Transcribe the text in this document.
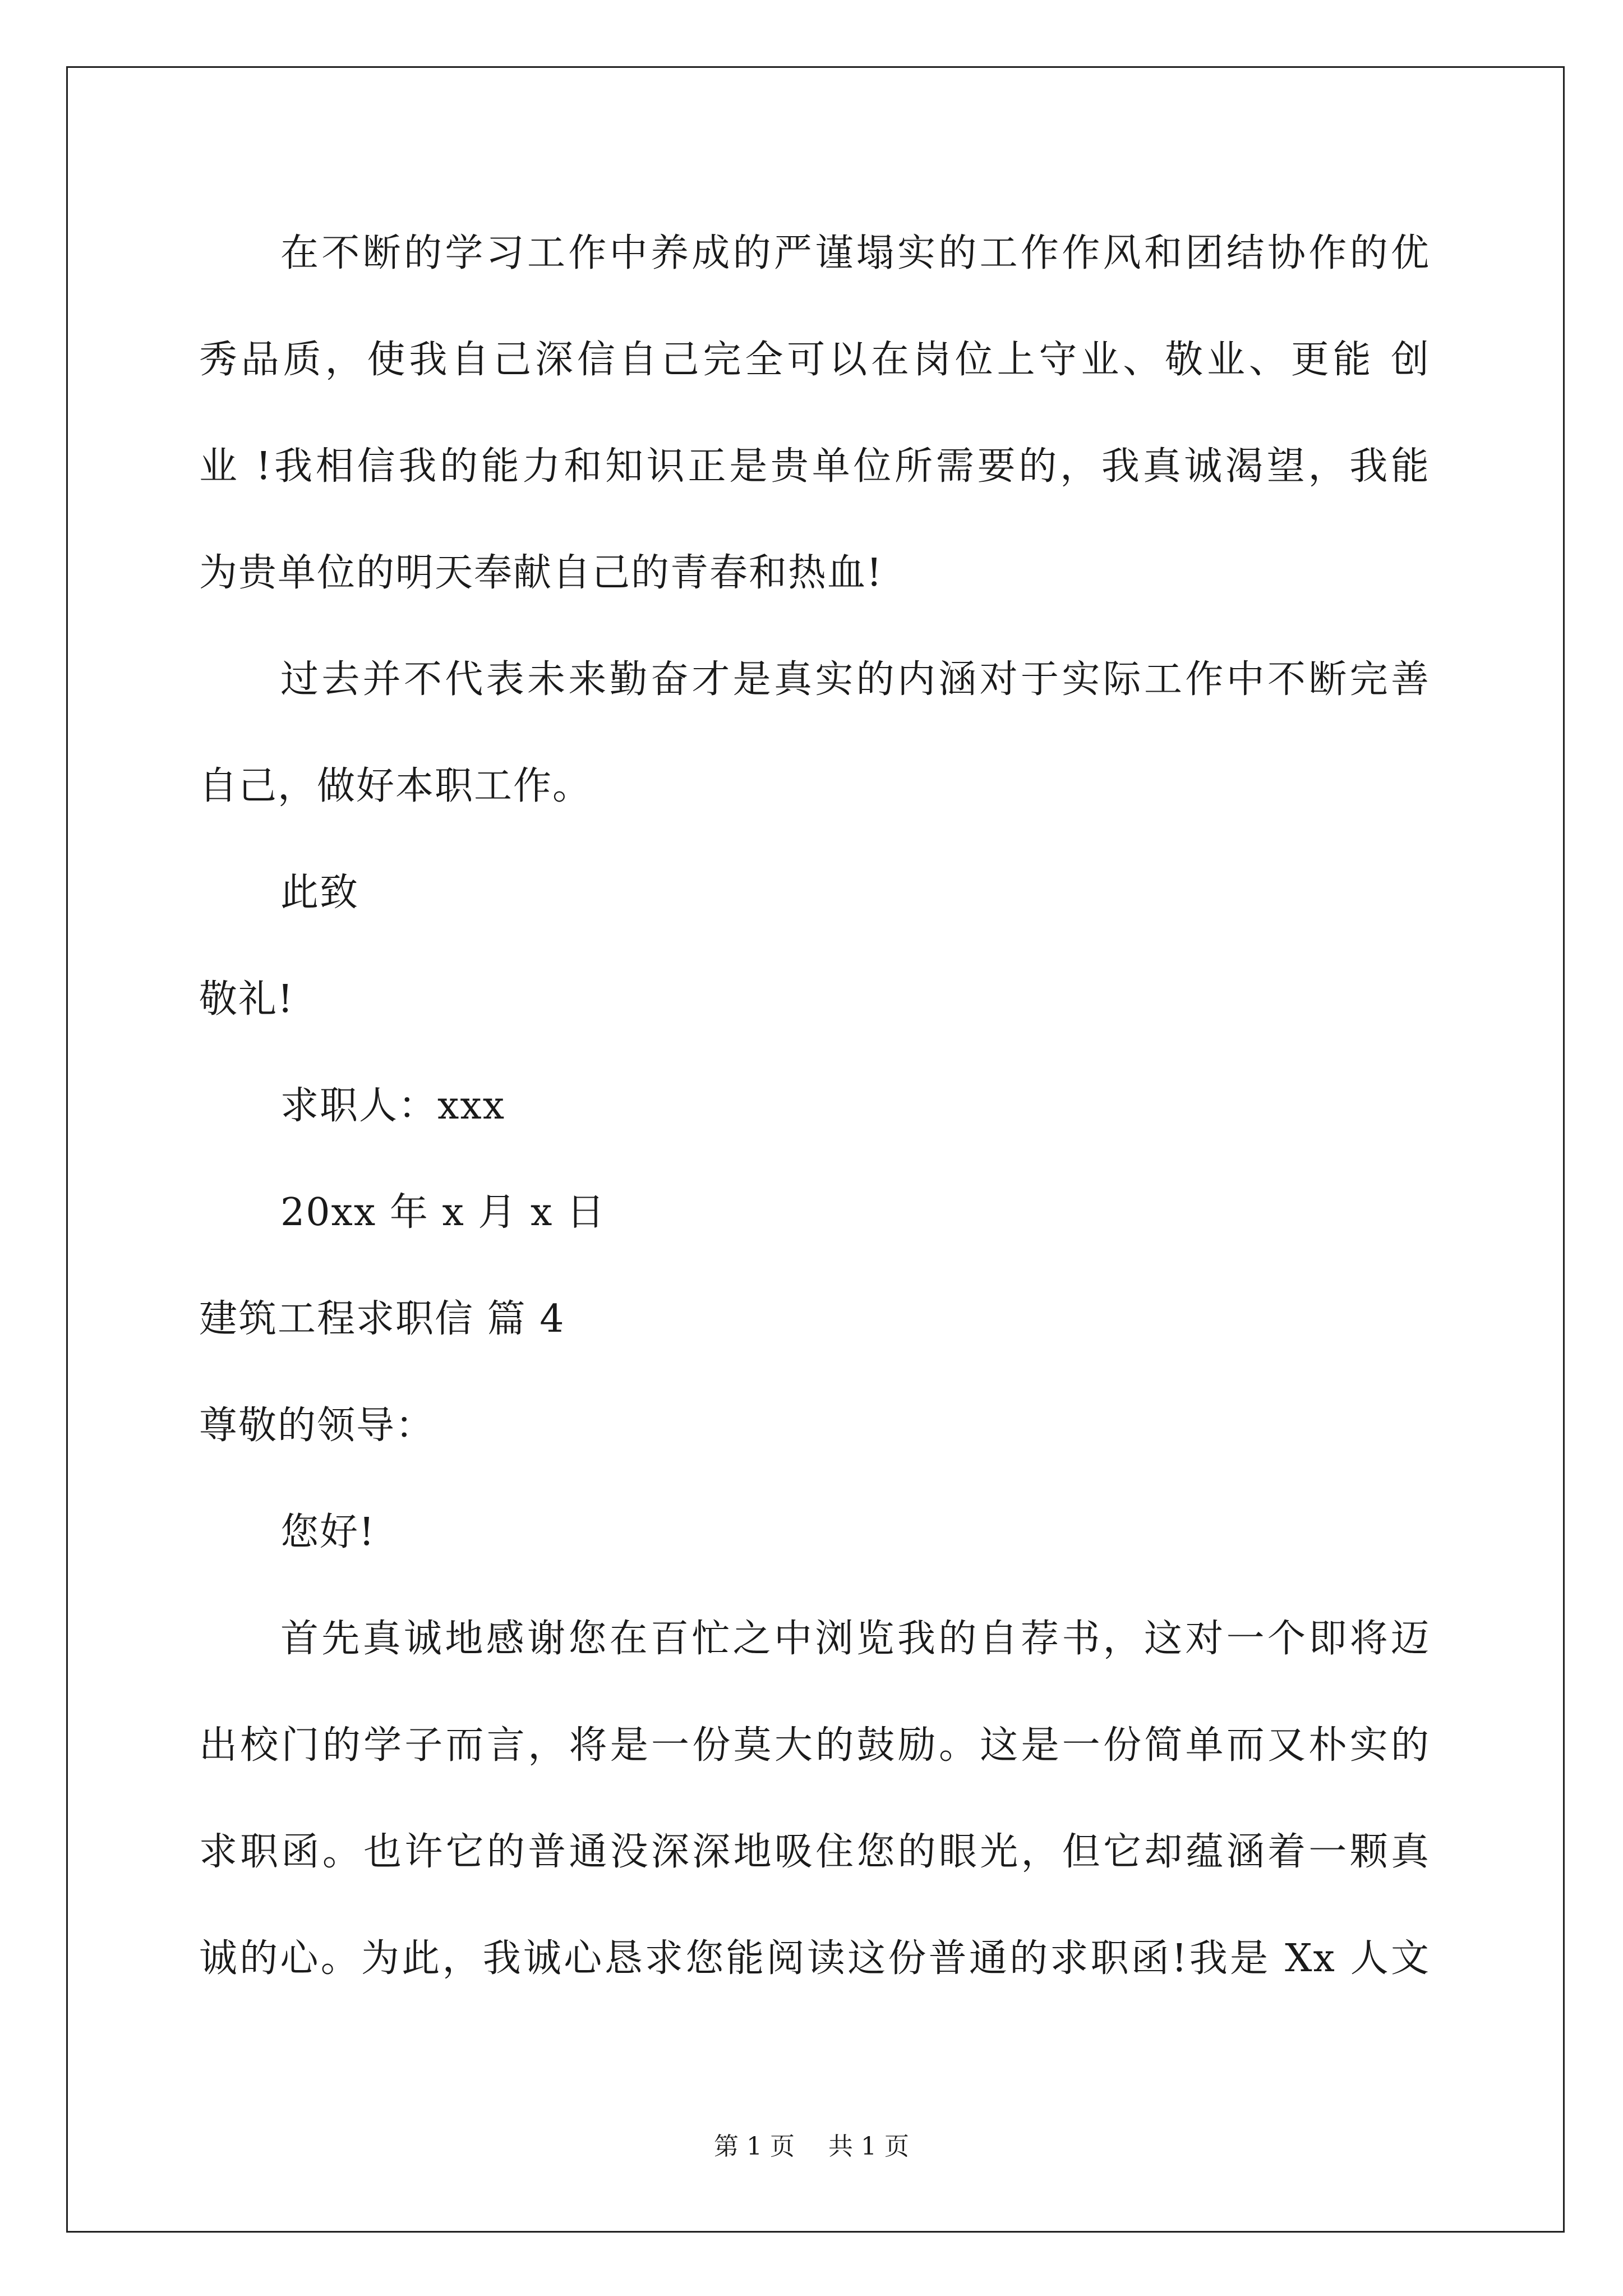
在不断的学习工作中养成的严谨塌实的工作作风和团结协作的优
秀品质，使我自己深信自己完全可以在岗位上守业、敬业、更能 创
业 !我相信我的能力和知识正是贵单位所需要的，我真诚渴望，我能
为贵单位的明天奉献自己的青春和热血!
过去并不代表未来勤奋才是真实的内涵对于实际工作中不断完善
自己，做好本职工作。
此致
敬礼!
求职人：xxx
20xx 年 x 月 x 日
建筑工程求职信 篇 4
尊敬的领导：
您好!
首先真诚地感谢您在百忙之中浏览我的自荐书，这对一个即将迈
出校门的学子而言，将是一份莫大的鼓励。这是一份简单而又朴实的
求职函。也许它的普通没深深地吸住您的眼光，但它却蕴涵着一颗真
诚的心。为此，我诚心恳求您能阅读这份普通的求职函!我是 Xx 人文
第 1 页 共 1 页
